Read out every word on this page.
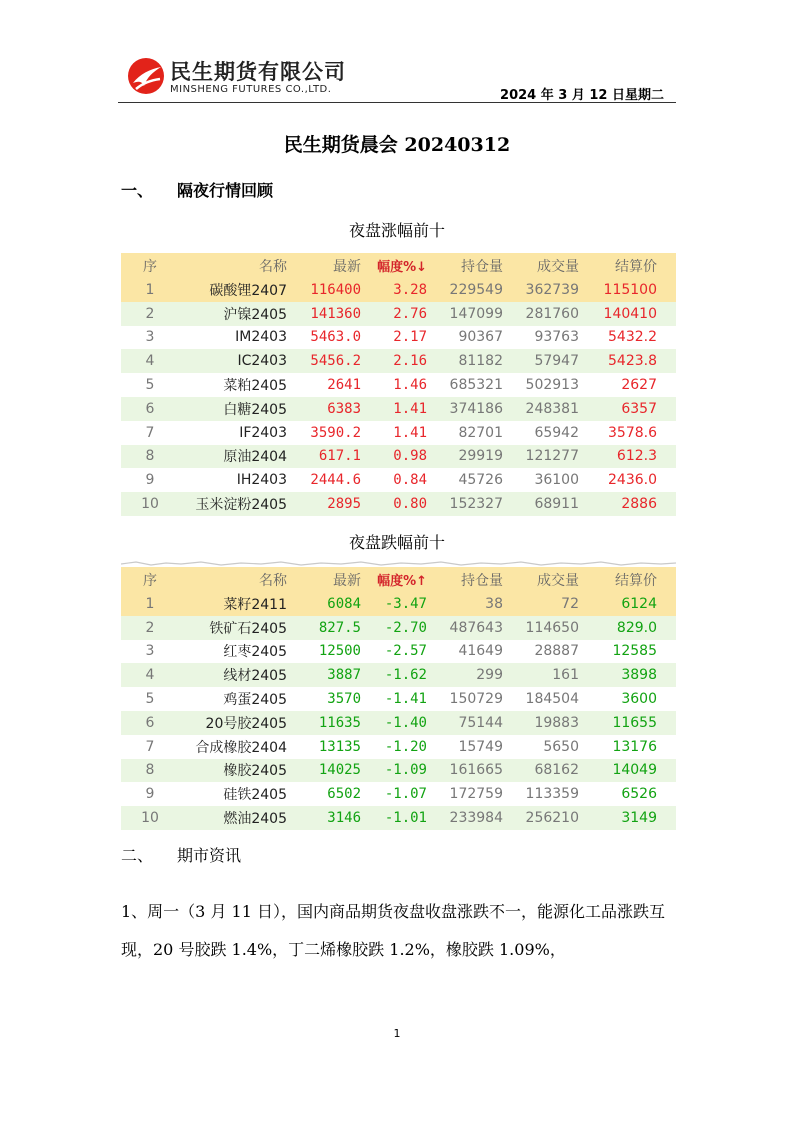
民生期货有限公司
MINSHENG FUTURES CO.,LTD.	2024 年 3 月 12 日星期二
民生期货晨会 20240312
一、 隔夜行情回顾
夜盘涨幅前十
序	名称	最新	幅度%↓	持仓量	成交量	结算价
1	碳酸锂2407	116400	3.28	229549	362739	115100
2	沪镍2405	141360	2.76	147099	281760	140410
3	IM2403	5463.0	2.17	90367	93763	5432.2
4	IC2403	5456.2	2.16	81182	57947	5423.8
5	菜粕2405	2641	1.46	685321	502913	2627
6	白糖2405	6383	1.41	374186	248381	6357
7	IF2403	3590.2	1.41	82701	65942	3578.6
8	原油2404	617.1	0.98	29919	121277	612.3
9	IH2403	2444.6	0.84	45726	36100	2436.0
10	玉米淀粉2405	2895	0.80	152327	68911	2886
夜盘跌幅前十
序	名称	最新	幅度%↑	持仓量	成交量	结算价
1	菜籽2411	6084	-3.47	38	72	6124
2	铁矿石2405	827.5	-2.70	487643	114650	829.0
3	红枣2405	12500	-2.57	41649	28887	12585
4	线材2405	3887	-1.62	299	161	3898
5	鸡蛋2405	3570	-1.41	150729	184504	3600
6	20号胶2405	11635	-1.40	75144	19883	11655
7	合成橡胶2404	13135	-1.20	15749	5650	13176
8	橡胶2405	14025	-1.09	161665	68162	14049
9	硅铁2405	6502	-1.07	172759	113359	6526
10	燃油2405	3146	-1.01	233984	256210	3149
二、 期市资讯
1、周一（3 月 11 日），国内商品期货夜盘收盘涨跌不一，能源化工品涨跌互现，20 号胶跌 1.4%，丁二烯橡胶跌 1.2%，橡胶跌 1.09%，
1
